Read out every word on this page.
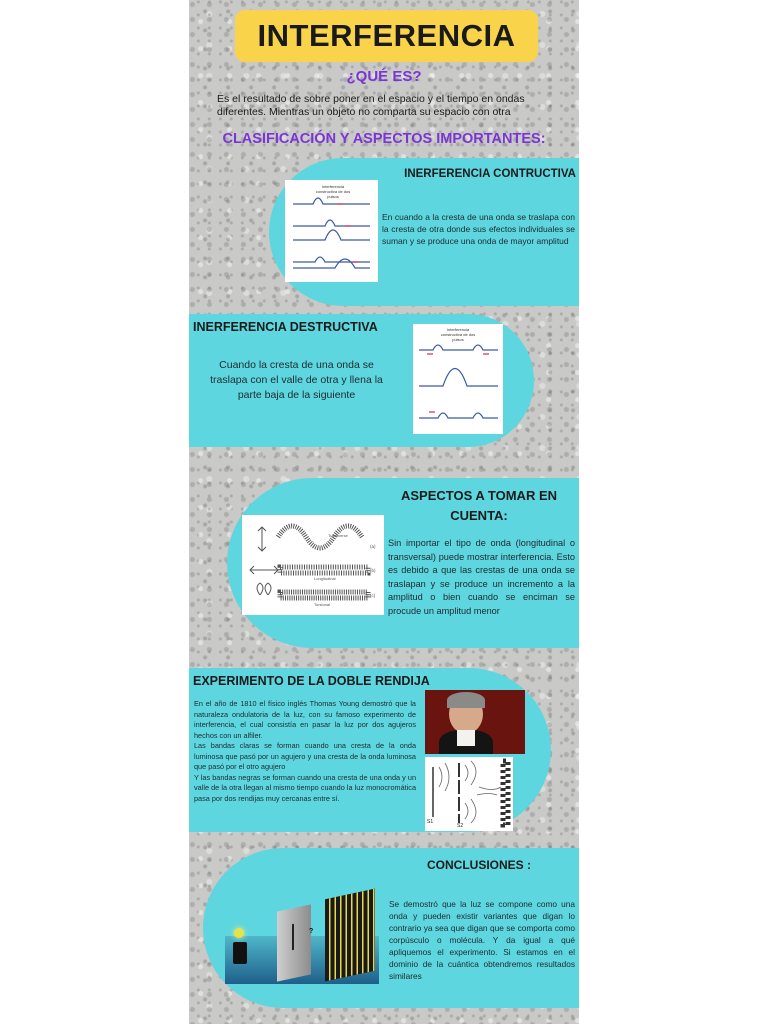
INTERFERENCIA
¿QUÉ ES?
Es el resultado de sobre poner en el espacio y el tiempo en ondas diferentes. Mientras un objeto no comparta su espacio con otra
CLASIFICACIÓN Y ASPECTOS IMPORTANTES:
INERFERENCIA CONTRUCTIVA
En cuando a la cresta de una onda se traslapa con la cresta de otra donde sus efectos individuales se suman y se produce una onda de mayor amplitud
Interferencia constructiva de dos pulsos
INERFERENCIA DESTRUCTIVA
Cuando la cresta de una onda se traslapa con el valle de otra y llena la parte baja de la siguiente
Interferencia constructiva de dos pulsos
ASPECTOS A TOMAR EN CUENTA:
Sin importar el tipo de onda (longitudinal o transversal) puede mostrar interferencia. Esto es debido a que las crestas de una onda se traslapan y se produce un incremento a la amplitud o bien cuando se enciman se procude un amplitud menor
Transverse
Longitudinal
Torsional
(a)
(b)
(c)
EXPERIMENTO DE LA DOBLE RENDIJA
En el año de 1810 el físico inglés Thomas Young demostró que la naturaleza ondulatoria de la luz, con su famoso experimento de interferencia, el cual consistía en pasar la luz por dos agujeros hechos con un alfiler.
Las bandas claras se forman cuando una cresta de la onda luminosa que pasó por un agujero y una cresta de la onda luminosa que pasó por el otro agujero
Y las bandas negras se forman cuando una cresta de una onda y un valle de la otra llegan al mismo tiempo cuando la luz monocromática pasa por dos rendijas muy cercanas entre sí.
S1
S2
CONCLUSIONES :
Se demostró que la luz se compone como una onda y pueden existir variantes que digan lo contrario ya sea que digan que se comporta como corpúsculo o molécula. Y da igual a qué apliquemos el experimento. Si estamos en el dominio de la cuántica obtendremos resultados similares
?
